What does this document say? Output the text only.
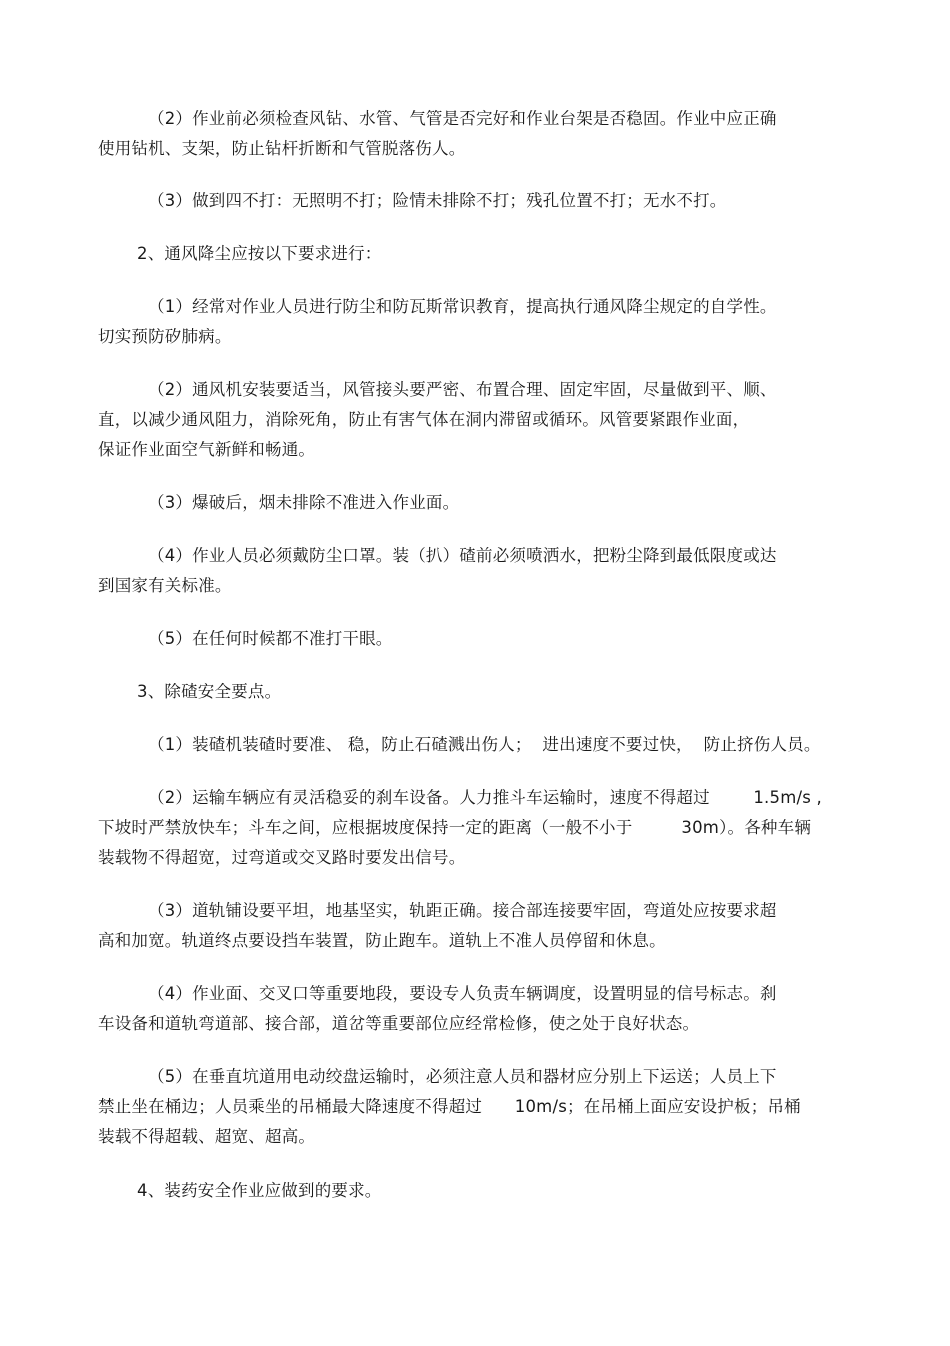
（2）作业前必须检查风钻、水管、气管是否完好和作业台架是否稳固。作业中应正确
使用钻机、支架，防止钻杆折断和气管脱落伤人。
（3）做到四不打：无照明不打；险情未排除不打；残孔位置不打；无水不打。
2、通风降尘应按以下要求进行：
（1）经常对作业人员进行防尘和防瓦斯常识教育，提高执行通风降尘规定的自学性。
切实预防矽肺病。
（2）通风机安装要适当，风管接头要严密、布置合理、固定牢固，尽量做到平、顺、
直，以减少通风阻力，消除死角，防止有害气体在洞内滞留或循环。风管要紧跟作业面，
保证作业面空气新鲜和畅通。
（3）爆破后，烟未排除不准进入作业面。
（4）作业人员必须戴防尘口罩。装（扒）碴前必须喷洒水，把粉尘降到最低限度或达
到国家有关标准。
（5）在任何时候都不准打干眼。
3、除碴安全要点。
（1）装碴机装碴时要准、 稳，防止石碴溅出伤人；  进出速度不要过快，  防止挤伤人员。
（2）运输车辆应有灵活稳妥的刹车设备。人力推斗车运输时，速度不得超过        1.5m/s ,
下坡时严禁放快车；斗车之间，应根据坡度保持一定的距离（一般不小于         30m）。各种车辆
装载物不得超宽，过弯道或交叉路时要发出信号。
（3）道轨铺设要平坦，地基坚实，轨距正确。接合部连接要牢固，弯道处应按要求超
高和加宽。轨道终点要设挡车装置，防止跑车。道轨上不准人员停留和休息。
（4）作业面、交叉口等重要地段，要设专人负责车辆调度，设置明显的信号标志。刹
车设备和道轨弯道部、接合部，道岔等重要部位应经常检修，使之处于良好状态。
（5）在垂直坑道用电动绞盘运输时，必须注意人员和器材应分别上下运送；人员上下
禁止坐在桶边；人员乘坐的吊桶最大降速度不得超过      10m/s；在吊桶上面应安设护板；吊桶
装载不得超载、超宽、超高。
4、装药安全作业应做到的要求。
